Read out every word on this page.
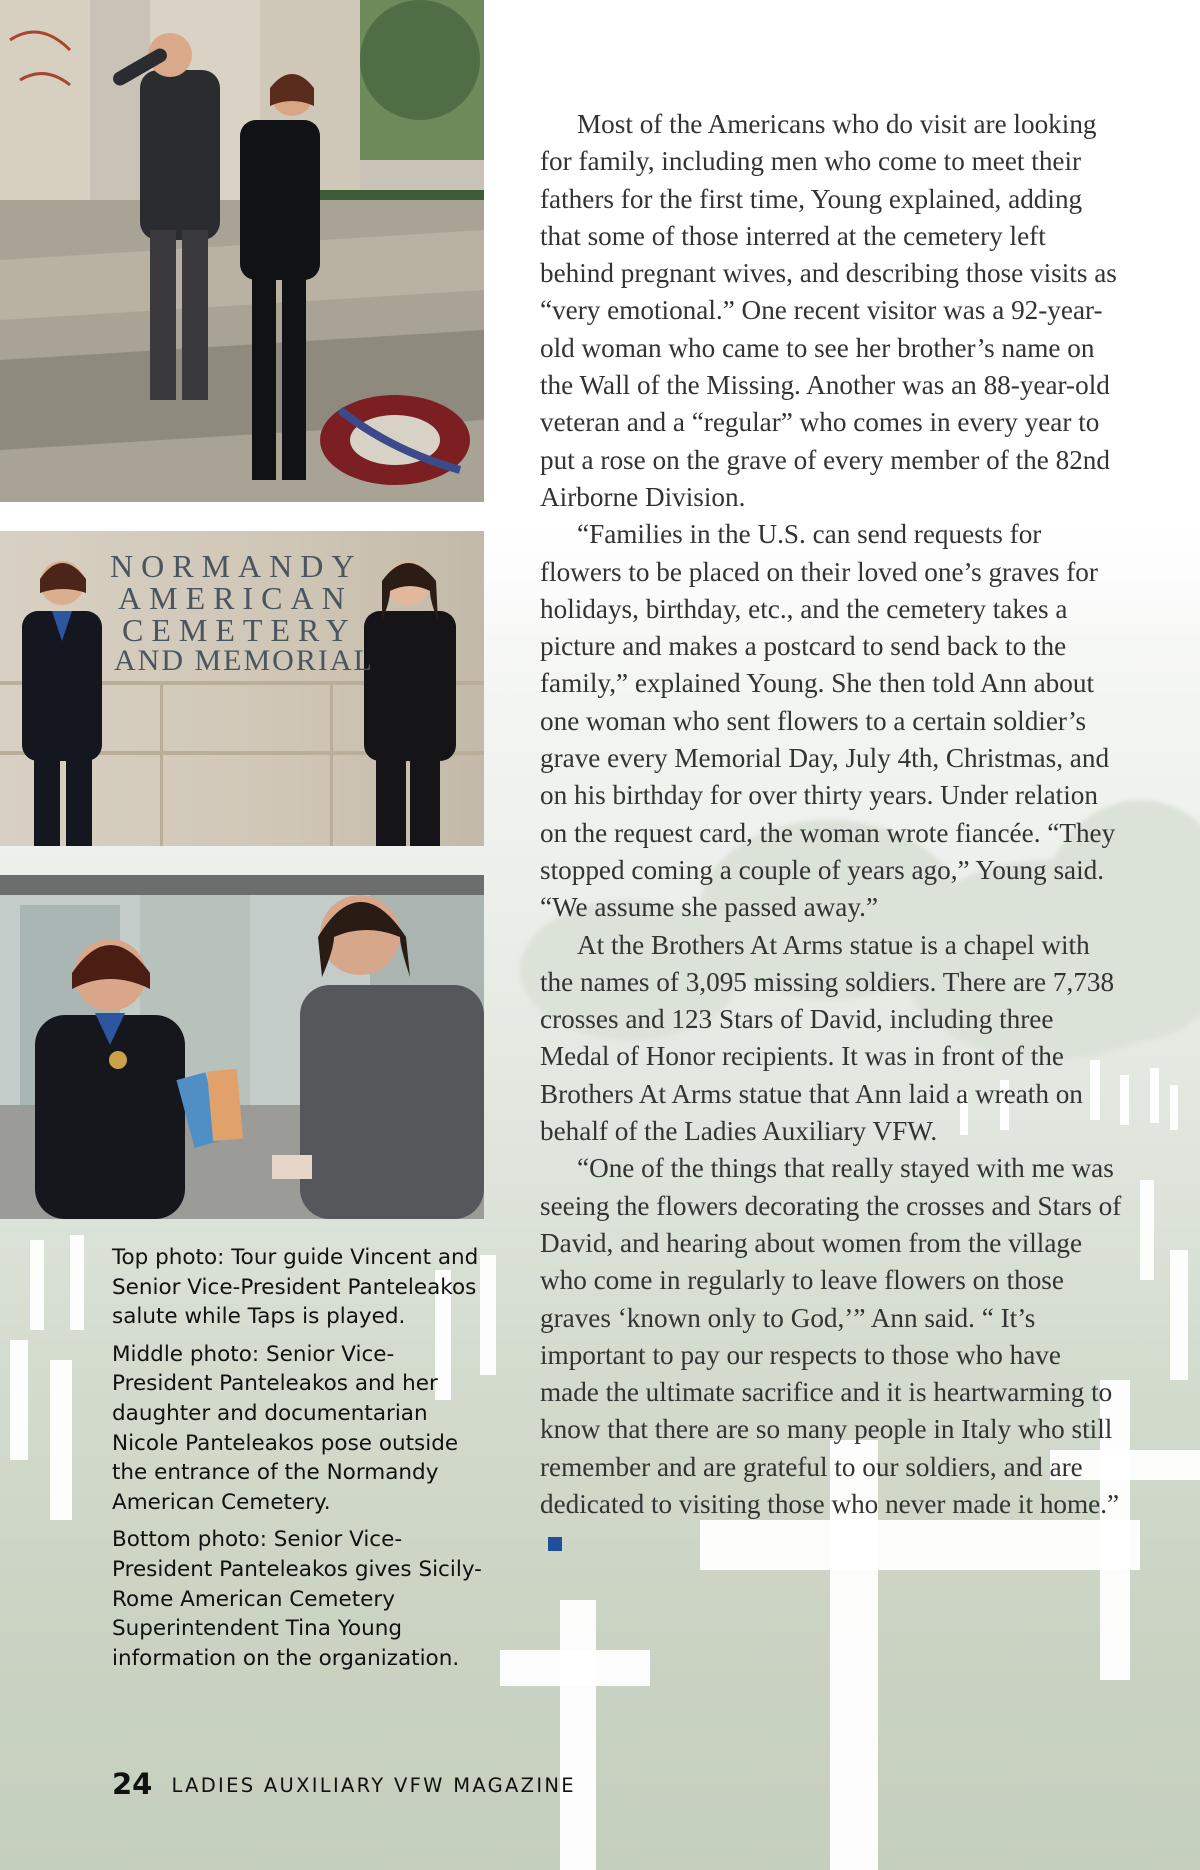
NORMANDY
AMERICAN
CEMETERY
AND MEMORIAL

Top photo: Tour guide Vincent and Senior Vice-President Panteleakos salute while Taps is played.

Middle photo: Senior Vice-President Panteleakos and her daughter and documentarian Nicole Panteleakos pose outside the entrance of the Normandy American Cemetery.

Bottom photo: Senior Vice-President Panteleakos gives Sicily-Rome American Cemetery Superintendent Tina Young information on the organization.

Most of the Americans who do visit are looking for family, including men who come to meet their fathers for the first time, Young explained, adding that some of those interred at the cemetery left behind pregnant wives, and describing those visits as “very emotional.” One recent visitor was a 92-year-old woman who came to see her brother’s name on the Wall of the Missing. Another was an 88-year-old veteran and a “regular” who comes in every year to put a rose on the grave of every member of the 82nd Airborne Division.

“Families in the U.S. can send requests for flowers to be placed on their loved one’s graves for holidays, birthday, etc., and the cemetery takes a picture and makes a postcard to send back to the family,” explained Young. She then told Ann about one woman who sent flowers to a certain soldier’s grave every Memorial Day, July 4th, Christmas, and on his birthday for over thirty years. Under relation on the request card, the woman wrote fiancée. “They stopped coming a couple of years ago,” Young said. “We assume she passed away.”

At the Brothers At Arms statue is a chapel with the names of 3,095 missing soldiers. There are 7,738 crosses and 123 Stars of David, including three Medal of Honor recipients. It was in front of the Brothers At Arms statue that Ann laid a wreath on behalf of the Ladies Auxiliary VFW.

“One of the things that really stayed with me was seeing the flowers decorating the crosses and Stars of David, and hearing about women from the village who come in regularly to leave flowers on those graves ‘known only to God,’” Ann said. “ It’s important to pay our respects to those who have made the ultimate sacrifice and it is heartwarming to know that there are so many people in Italy who still remember and are grateful to our soldiers, and are dedicated to visiting those who never made it home.”

24 LADIES AUXILIARY VFW MAGAZINE
